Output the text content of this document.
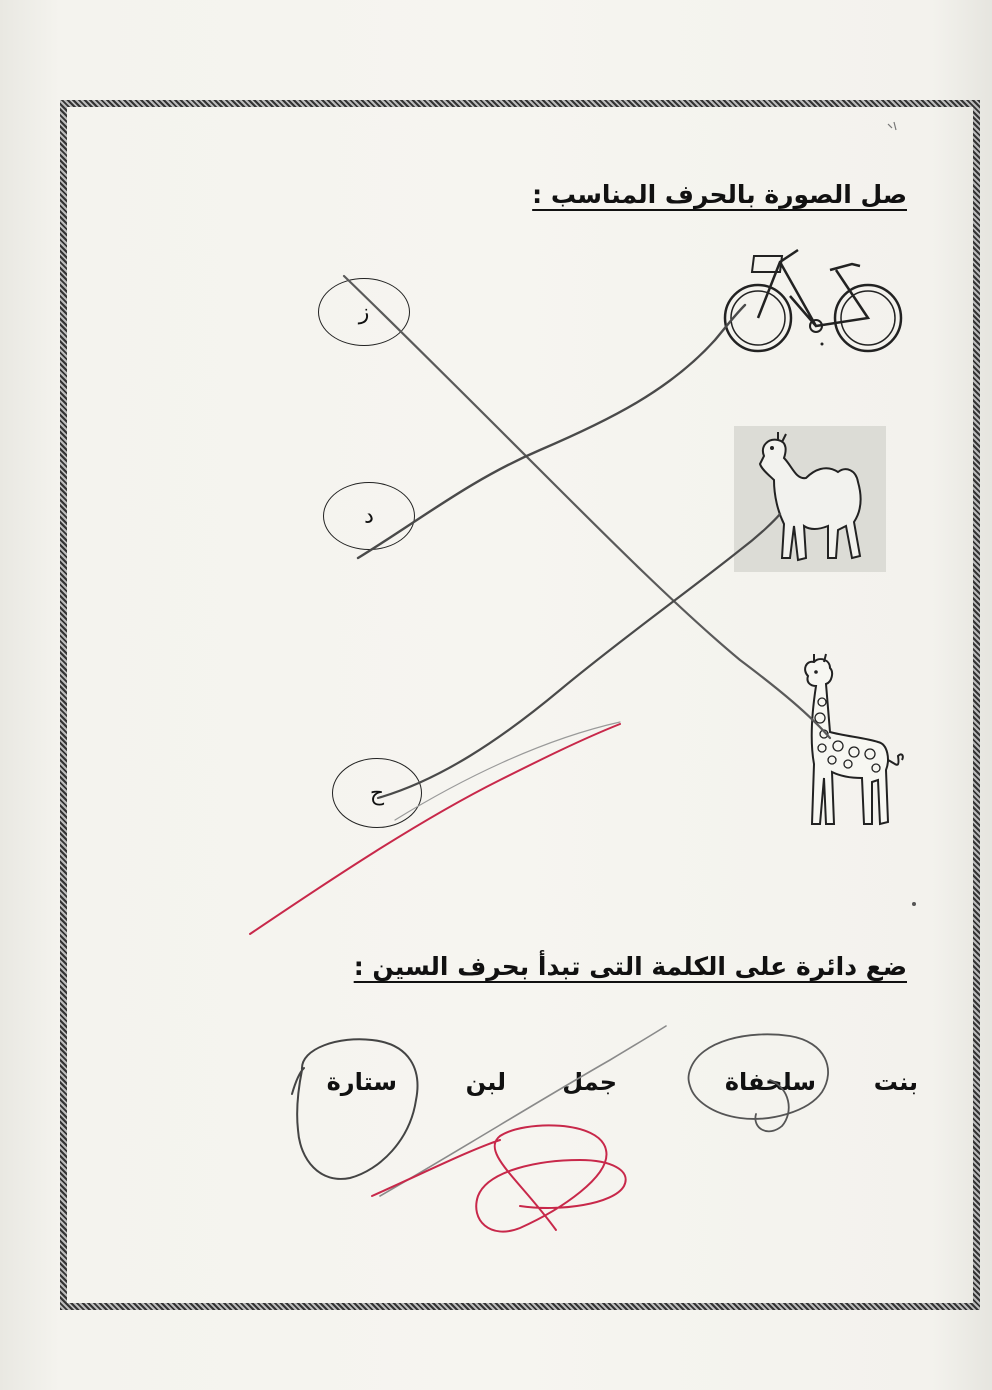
صل الصورة بالحرف المناسب :
ز
د
ح
ضع دائرة على الكلمة التى تبدأ بحرف السين :
بنت
سلحفاة
جمل
لبن
ستارة
